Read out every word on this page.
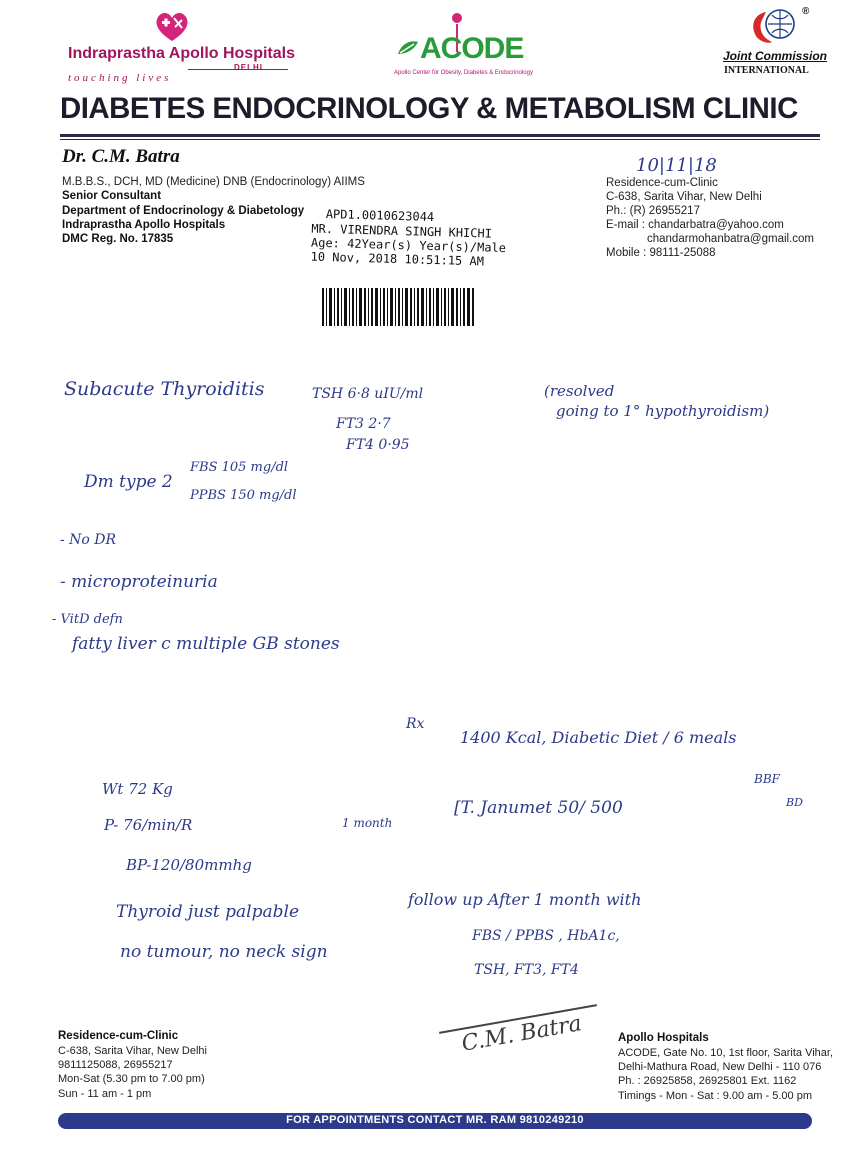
Indraprastha Apollo Hospitals
DELHI
touching lives
ACODE
Apollo Center for Obesity, Diabetes & Endocrinology
®
Joint Commission
INTERNATIONAL
DIABETES ENDOCRINOLOGY & METABOLISM CLINIC
Dr. C.M. Batra
M.B.B.S., DCH, MD (Medicine) DNB (Endocrinology) AIIMS
Senior Consultant
Department of Endocrinology & Diabetology
Indraprastha Apollo Hospitals
DMC Reg. No. 17835
APD1.0010623044
MR. VIRENDRA SINGH KHICHI
Age: 42Year(s) Year(s)/Male
10 Nov, 2018 10:51:15 AM
10|11|18
Residence-cum-Clinic
C-638, Sarita Vihar, New Delhi
Ph.: (R) 26955217
E-mail : chandarbatra@yahoo.com
chandarmohanbatra@gmail.com
Mobile : 98111-25088
Subacute Thyroiditis	TSH 6·8 uIU/ml	(resolved
going to 1° hypothyroidism)
FT3 2·7
FT4 0·95
Dm type 2
FBS 105 mg/dl
PPBS 150 mg/dl
- No DR
- microproteinuria
- VitD defn
fatty liver c multiple GB stones
Rx
1400 Kcal, Diabetic Diet / 6 meals
Wt 72 Kg
P- 76/min/R
BP-120/80mmhg
Thyroid just palpable
no tumour, no neck sign
1 month
[T. Janumet 50/ 500
BBF
BD
follow up After 1 month with
FBS / PPBS , HbA1c,
TSH, FT3, FT4
C.M. Batra
Residence-cum-Clinic
C-638, Sarita Vihar, New Delhi
9811125088, 26955217
Mon-Sat (5.30 pm to 7.00 pm)
Sun - 11 am - 1 pm
Apollo Hospitals
ACODE, Gate No. 10, 1st floor, Sarita Vihar,
Delhi-Mathura Road, New Delhi - 110 076
Ph. : 26925858, 26925801 Ext. 1162
Timings - Mon - Sat : 9.00 am - 5.00 pm
FOR APPOINTMENTS CONTACT MR. RAM 9810249210
